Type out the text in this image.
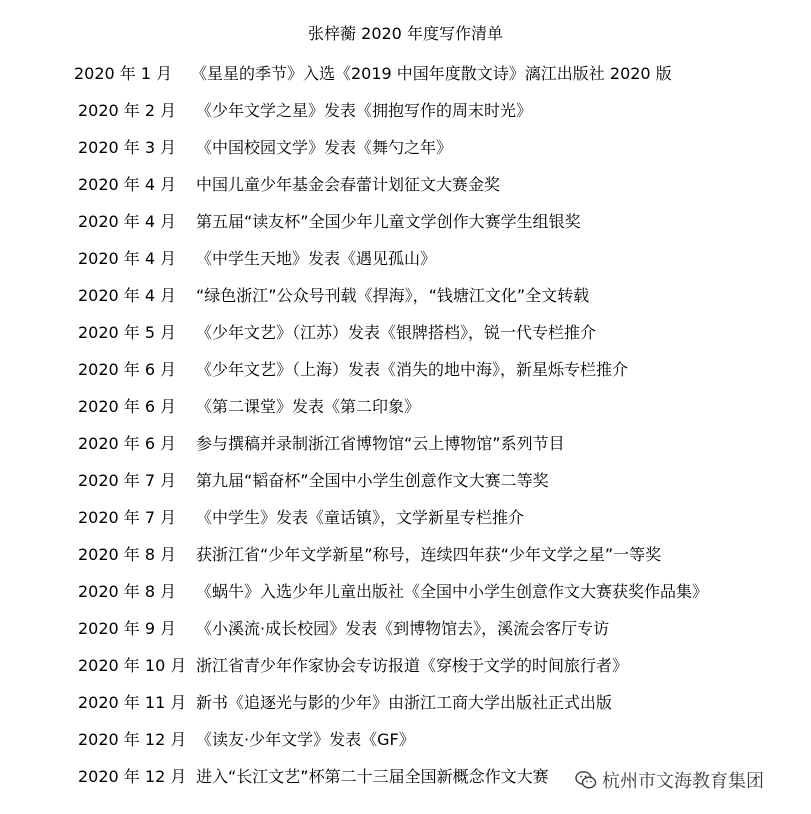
张梓蘅 2020 年度写作清单
2020 年 1 月 《星星的季节》入选《2019 中国年度散文诗》漓江出版社 2020 版
2020 年 2 月 《少年文学之星》发表《拥抱写作的周末时光》
2020 年 3 月 《中国校园文学》发表《舞勺之年》
2020 年 4 月 中国儿童少年基金会春蕾计划征文大赛金奖
2020 年 4 月 第五届“读友杯”全国少年儿童文学创作大赛学生组银奖
2020 年 4 月 《中学生天地》发表《遇见孤山》
2020 年 4 月 “绿色浙江”公众号刊载《捍海》，“钱塘江文化”全文转载
2020 年 5 月 《少年文艺》（江苏）发表《银牌搭档》，锐一代专栏推介
2020 年 6 月 《少年文艺》（上海）发表《消失的地中海》，新星烁专栏推介
2020 年 6 月 《第二课堂》发表《第二印象》
2020 年 6 月 参与撰稿并录制浙江省博物馆“云上博物馆”系列节目
2020 年 7 月 第九届“韬奋杯”全国中小学生创意作文大赛二等奖
2020 年 7 月 《中学生》发表《童话镇》，文学新星专栏推介
2020 年 8 月 获浙江省“少年文学新星”称号，连续四年获“少年文学之星”一等奖
2020 年 8 月 《蜗牛》入选少年儿童出版社《全国中小学生创意作文大赛获奖作品集》
2020 年 9 月 《小溪流·成长校园》发表《到博物馆去》，溪流会客厅专访
2020 年 10 月 浙江省青少年作家协会专访报道《穿梭于文学的时间旅行者》
2020 年 11 月 新书《追逐光与影的少年》由浙江工商大学出版社正式出版
2020 年 12 月 《读友·少年文学》发表《GF》
2020 年 12 月 进入“长江文艺”杯第二十三届全国新概念作文大赛	杭州市文海教育集团
